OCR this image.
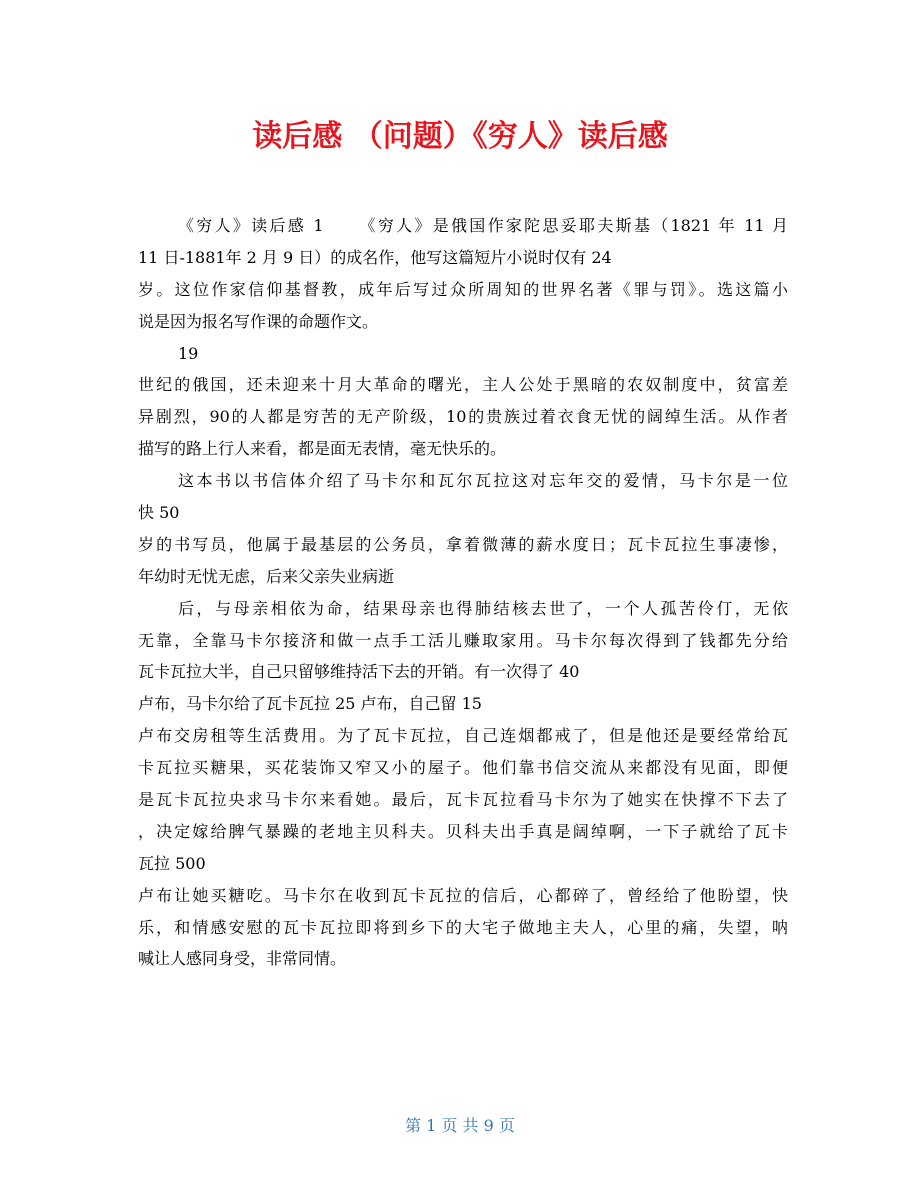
读后感 （问题）《穷人》读后感
《穷人》读后感 1 　　《穷人》是俄国作家陀思妥耶夫斯基（1821 年 11 月
11 日-1881年 2 月 9 日）的成名作，他写这篇短片小说时仅有 24
岁。这位作家信仰基督教，成年后写过众所周知的世界名著《罪与罚》。选这篇小
说是因为报名写作课的命题作文。
19
世纪的俄国，还未迎来十月大革命的曙光，主人公处于黑暗的农奴制度中，贫富差
异剧烈，90的人都是穷苦的无产阶级，10的贵族过着衣食无忧的阔绰生活。从作者
描写的路上行人来看，都是面无表情，毫无快乐的。
这本书以书信体介绍了马卡尔和瓦尔瓦拉这对忘年交的爱情，马卡尔是一位
快 50
岁的书写员，他属于最基层的公务员，拿着微薄的薪水度日；瓦卡瓦拉生事凄惨，
年幼时无忧无虑，后来父亲失业病逝
后，与母亲相依为命，结果母亲也得肺结核去世了，一个人孤苦伶仃，无依
无靠，全靠马卡尔接济和做一点手工活儿赚取家用。马卡尔每次得到了钱都先分给
瓦卡瓦拉大半，自己只留够维持活下去的开销。有一次得了 40
卢布，马卡尔给了瓦卡瓦拉 25 卢布，自己留 15
卢布交房租等生活费用。为了瓦卡瓦拉，自己连烟都戒了，但是他还是要经常给瓦
卡瓦拉买糖果，买花装饰又窄又小的屋子。他们靠书信交流从来都没有见面，即便
是瓦卡瓦拉央求马卡尔来看她。最后，瓦卡瓦拉看马卡尔为了她实在快撑不下去了
，决定嫁给脾气暴躁的老地主贝科夫。贝科夫出手真是阔绰啊，一下子就给了瓦卡
瓦拉 500
卢布让她买糖吃。马卡尔在收到瓦卡瓦拉的信后，心都碎了，曾经给了他盼望，快
乐，和情感安慰的瓦卡瓦拉即将到乡下的大宅子做地主夫人，心里的痛，失望，呐
喊让人感同身受，非常同情。
第 1 页 共 9 页
